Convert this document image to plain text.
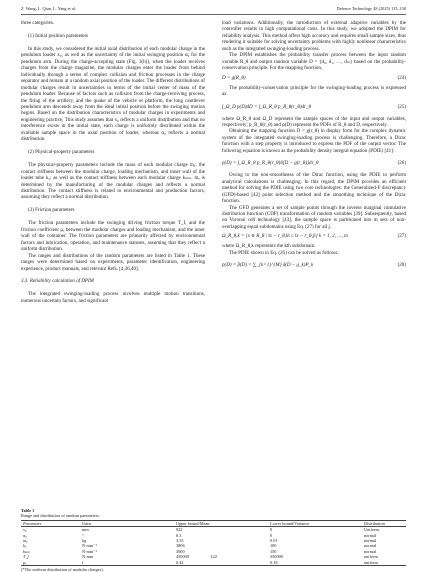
Z. Wang, L. Qian, L. Yang et al.	Defence Technology 48 (2025) 115–130

three categories.

(1) Initial position parameters

In this study, we considered the initial axial distribution of each modular charge in the pendulum loader x₀, as well as the uncertainty of the initial swinging position α₀ for the pendulum arm. During the charge-accepting state (Fig. 1(b)), when the loader receives charges from the charge magazine, the modular charges enter the loader from behind individually through a series of complex collision and friction processes in the charge separator and remain at a random axial position of the loader. The different distributions of modular charges result in uncertainties in terms of the initial center of mass of the pendulum loader. Because of factors such as collision from the charge-receiving process, the firing of the artillery, and the quake of the vehicle or platform, the long cantilever pendulum arm descends away from the ideal initial position before the swinging motion begins. Based on the distribution characteristics of modular charges in experiments and engineering practice, This study assumes that x₀ reflects a uniform distribution and that no interference exists in the initial state, each charge is uniformly distributed within the available sample space in the axial position of loader, whereas α₀ reflects a normal distribution.

(2) Physical-property parameters

The physical-property parameters include the mass of each modular charge mₐ; the contact stiffness between the modular charge, loading mechanism, and inner wall of the loader tube kₐ; as well as the contact stiffness between each modular charge kₘₘ. mₐ is determined by the manufacturing of the modular charges and reflects a normal distribution. The contact stiffness is related to environmental and production factors, assuming they reflect a normal distribution.

(3) Friction parameters

The friction parameters include the swinging driving friction torque T_f, and the friction coefficient μₐ between the modular charges and loading mechanism, and the inner wall of the container. The friction parameters are primarily affected by environmental factors and lubrication, operation, and maintenance statuses, assuming that they reflect a uniform distribution.

The ranges and distributions of the random parameters are listed in Table 1. These ranges were determined based on experiments, parameter identification, engineering experience, product manuals, and relevant Refs. [4,36,40].

3.3. Reliability calculation of DPIM

The integrated swinging-loading process involves multiple motion transitions, numerous uncertain factors, and significant

load variations. Additionally, the introduction of external adaptive variables by the controller results in high computational costs. In this study, we adopted the DPIM for reliability analysis. This method offers high accuracy and requires small sample sizes, thus rendering it suitable for solving uncertainty problems with highly nonlinear characteristics such as the integrated swinging-loading process.

The DPIM establishes the probability transfer process between the input random variable R_θ and output random variable D = {d₀, d₁, …, dₘ} based on the probability-conservation principle. For the mapping function,

D = g(R_θ)	(24)

The probability-conservation principle for the swinging-loading process is expressed as:

∫_Ω_D p(D)dD = ∫_Ω_R_θ p_R_θ(r_θ)dr_θ	(25)

where Ω_R_θ and Ω_D represent the sample spaces of the input and output variables, respectively; p_R_θ(r_θ) and p(D) represent the PDFs of R_θ and D, respectively.

Obtaining the mapping function D = g(r_θ) in display form for the complex dynamic system of the integrated swinging-loading process is challenging. Therefore, a Dirac function with a step property is introduced to express the PDF of the output vector. The following equation is known as the probability density integral equation (PDIE) [41]:

p(D) = ∫_Ω_R_θ p_R_θ(r_θ)δ[D − g(r_θ)]dr_θ	(26)

Owing to the non-smoothness of the Dirac function, using the PDIE to perform analytical calculations is challenging. In this regard, the DPIM provides an efficient method for solving the PDIE using two core technologies: the Generalized-F discrepancy (GFD)-based [42] point selection method and the smoothing technique of the Dirac function.

The GFD generates a set of sample points through the inverse marginal cumulative distribution function (CDF) transformation of random variables [39]. Subsequently, based on Voronoi cell technology [43], the sample space is partitioned into m sets of non-overlapping equal subdomains using Eq. (27) for all j.

Ω_R_θ,k = {x ∈ R_θ | ‖x − r_θ,k‖ ≤ ‖x − r_θ,j‖} k = 1, 2, …, m	(27)

where Ω_R_θ,k represents the kth subdomain.

The PDIE shown in Eq. (26) can be solved as follows:

p(D) = p̃(D) = ∑_{k=1}^{M} δ(D − g_k)P_k	(28)
Table 1
Range and distribution of random parameters.
Parameter	Units	Upper bound/Mean	Lower bound/Variance	Distribution
x₀	mm	922	0	Uniform
α₀	°	0.3	0	normal
mₐ	kg	3.55	0.01	normal
kₐ	N·mm⁻¹	3806	100	normal
kₘₘ	N·mm⁻¹	3000	150	normal
T_f	N·mm	450000	350000	uniform
μₐ	f	0.42	0.18	uniform
(*The uniform distribution of modular charges).
122
